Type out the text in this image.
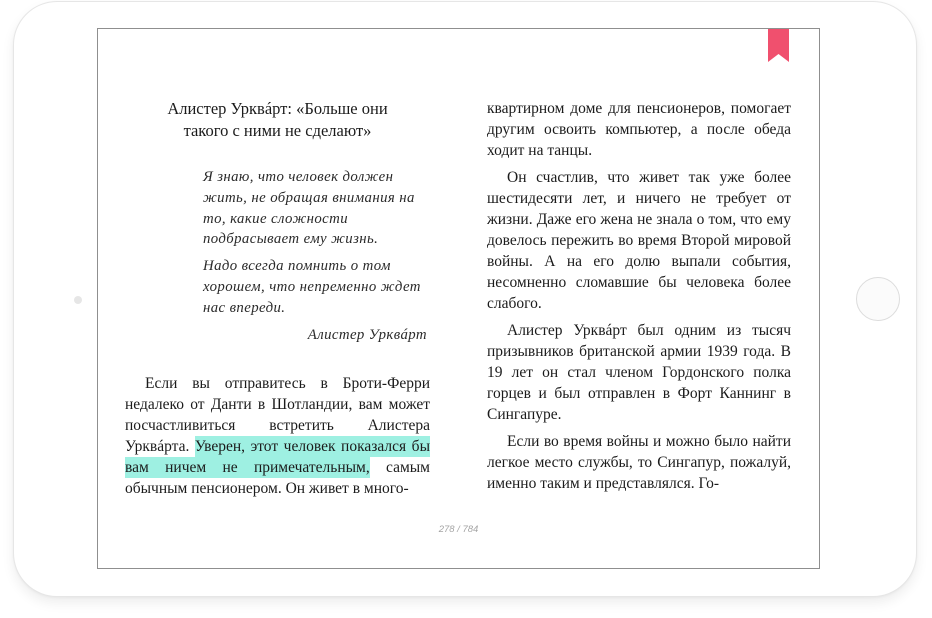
Алистер Урквáрт: «Больше они такого с ними не сделают»

Я знаю, что человек должен жить, не обращая внимания на то, какие сложности подбрасывает ему жизнь.

Надо всегда помнить о том хорошем, что непременно ждет нас впереди.

Алистер Урквáрт

Если вы отправитесь в Броти-Ферри недалеко от Данти в Шотландии, вам может посчастливиться встретить Алистера Урквáрта. Уверен, этот человек показался бы вам ничем не примечательным, самым обычным пенсионером. Он живет в много-

квартирном доме для пенсионеров, помогает другим освоить компьютер, а после обеда ходит на танцы.

Он счастлив, что живет так уже более шестидесяти лет, и ничего не требует от жизни. Даже его жена не знала о том, что ему довелось пережить во время Второй мировой войны. А на его долю выпали события, несомненно сломавшие бы человека более слабого.

Алистер Урквáрт был одним из тысяч призывников британской армии 1939 года. В 19 лет он стал членом Гордонского полка горцев и был отправлен в Форт Каннинг в Сингапуре.

Если во время войны и можно было найти легкое место службы, то Сингапур, пожалуй, именно таким и представлялся. Го-

278 / 784
